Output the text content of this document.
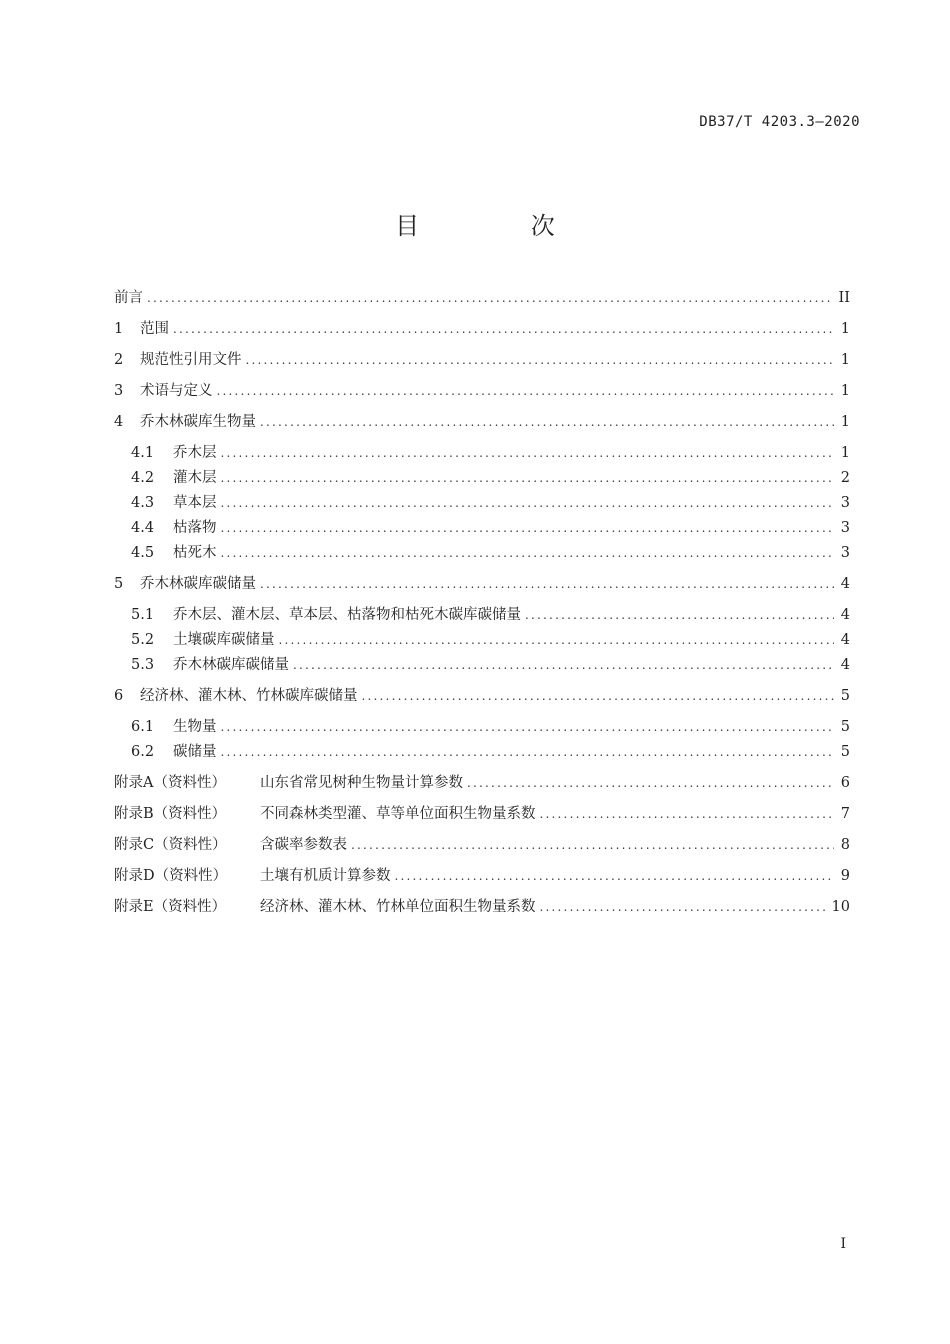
DB37/T 4203.3—2020
目 次
前言 .....	II
1	范围 .....	1
2	规范性引用文件 .....	1
3	术语与定义 .....	1
4	乔木林碳库生物量 .....	1
4.1	乔木层 .....	1
4.2	灌木层 .....	2
4.3	草本层 .....	3
4.4	枯落物 .....	3
4.5	枯死木 .....	3
5	乔木林碳库碳储量 .....	4
5.1	乔木层、灌木层、草本层、枯落物和枯死木碳库碳储量 .....	4
5.2	土壤碳库碳储量 .....	4
5.3	乔木林碳库碳储量 .....	4
6	经济林、灌木林、竹林碳库碳储量 .....	5
6.1	生物量 .....	5
6.2	碳储量 .....	5
附录A（资料性）	山东省常见树种生物量计算参数 .....	6
附录B（资料性）	不同森林类型灌、草等单位面积生物量系数 .....	7
附录C（资料性）	含碳率参数表 .....	8
附录D（资料性）	土壤有机质计算参数 .....	9
附录E（资料性）	经济林、灌木林、竹林单位面积生物量系数 .....	10
I
